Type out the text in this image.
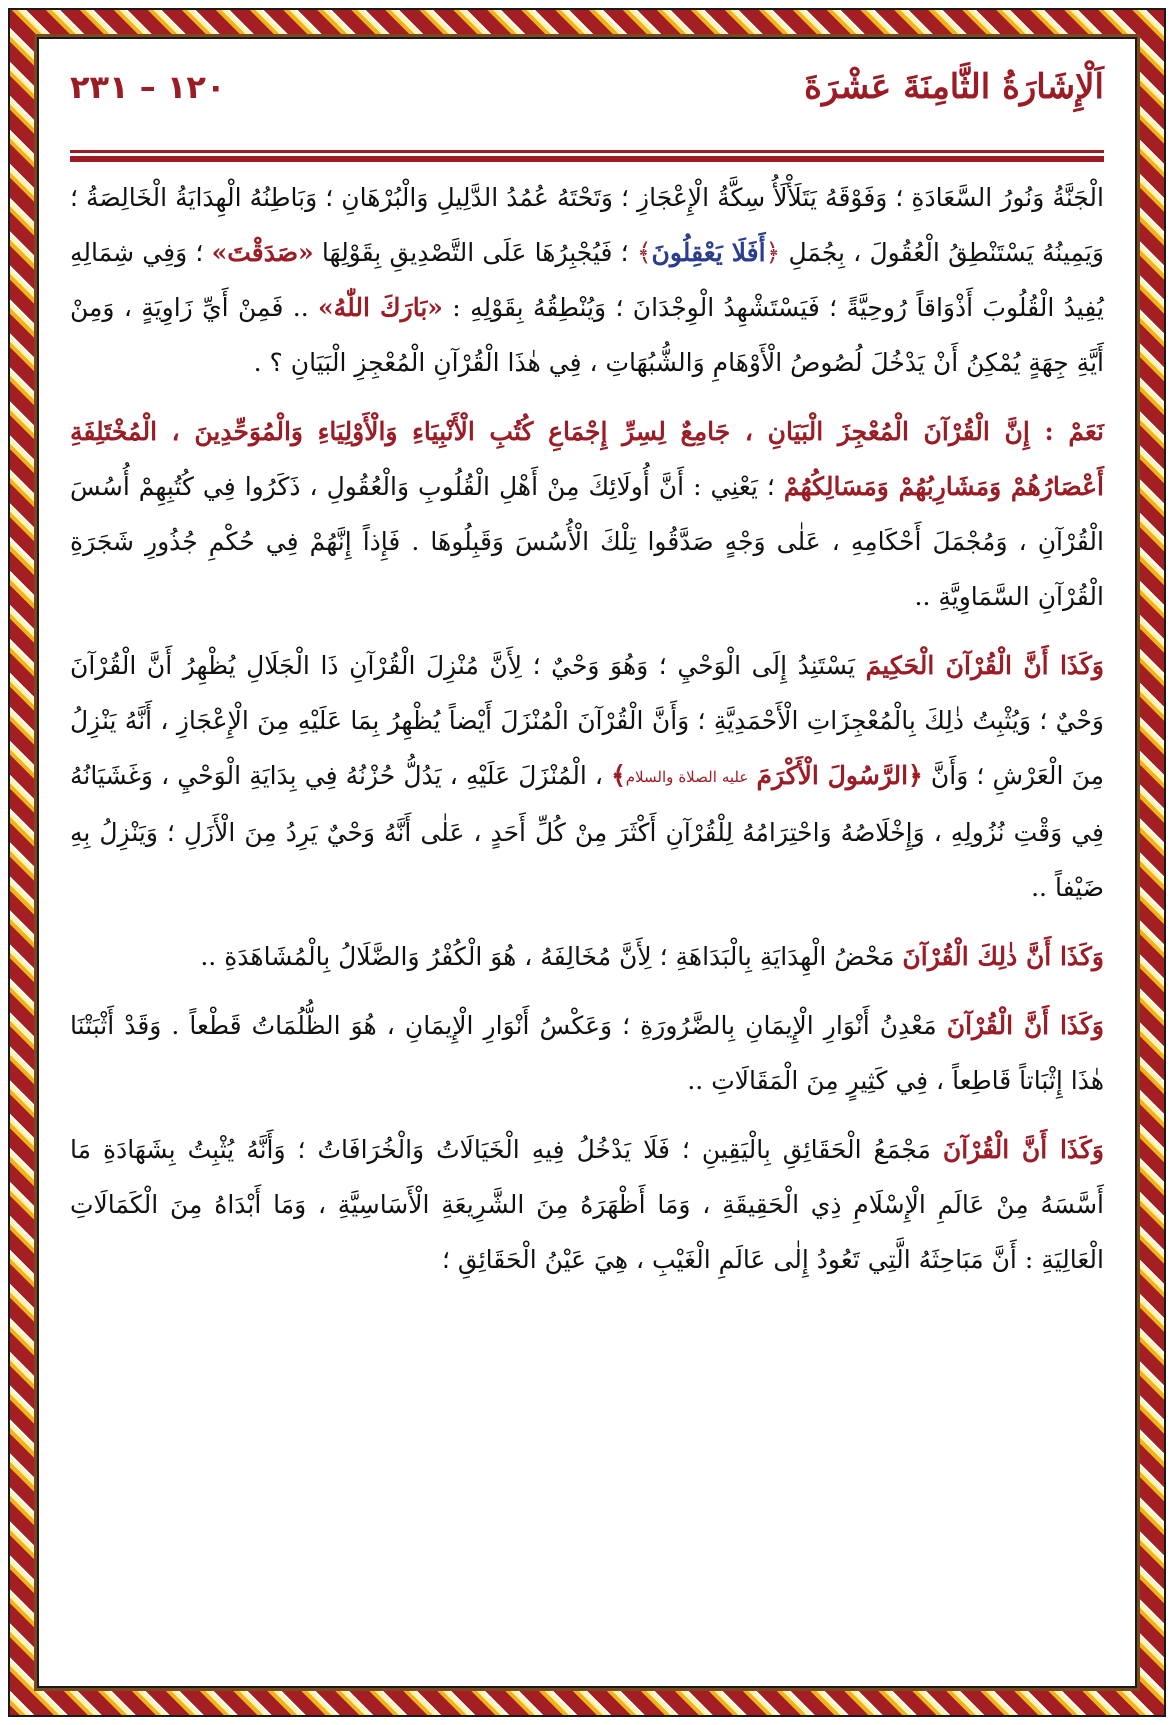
اَلْإِشَارَةُ الثَّامِنَةَ عَشْرَةَ
١٢٠ – ٢٣١

الْجَنَّةُ وَنُورُ السَّعَادَةِ ؛ وَفَوْقَهُ يَتَلَأْلَأُ سِكَّةُ الْإِعْجَازِ ؛ وَتَحْتَهُ عُمُدُ الدَّلِيلِ وَالْبُرْهَانِ ؛ وَبَاطِنُهُ الْهِدَايَةُ الْخَالِصَةُ ؛ وَيَمِينُهُ يَسْتَنْطِقُ الْعُقُولَ ، بِجُمَلِ ﴿أَفَلَا يَعْقِلُونَ﴾ ؛ فَيُجْبِرُهَا عَلَى التَّصْدِيقِ بِقَوْلِهَا «صَدَقْتَ» ؛ وَفِي شِمَالِهِ يُفِيدُ الْقُلُوبَ أَذْوَاقاً رُوحِيَّةً ؛ فَيَسْتَشْهِدُ الْوِجْدَانَ ؛ وَيُنْطِقُهُ بِقَوْلِهِ : «بَارَكَ اللّٰهُ» .. فَمِنْ أَيِّ زَاوِيَةٍ ، وَمِنْ أَيَّةِ جِهَةٍ يُمْكِنُ أَنْ يَدْخُلَ لُصُوصُ الْأَوْهَامِ وَالشُّبُهَاتِ ، فِي هٰذَا الْقُرْآنِ الْمُعْجِزِ الْبَيَانِ ؟ .

نَعَمْ : إِنَّ الْقُرْآنَ الْمُعْجِزَ الْبَيَانِ ، جَامِعٌ لِسِرِّ إِجْمَاعِ كُتُبِ الْأَنْبِيَاءِ وَالْأَوْلِيَاءِ وَالْمُوَحِّدِينَ ، الْمُخْتَلِفَةِ أَعْصَارُهُمْ وَمَشَارِبُهُمْ وَمَسَالِكُهُمْ ؛ يَعْنِي : أَنَّ أُولَائِكَ مِنْ أَهْلِ الْقُلُوبِ وَالْعُقُولِ ، ذَكَرُوا فِي كُتُبِهِمْ أُسُسَ الْقُرْآنِ ، وَمُجْمَلَ أَحْكَامِهِ ، عَلٰى وَجْهٍ صَدَّقُوا تِلْكَ الْأُسُسَ وَقَبِلُوهَا . فَإِذاً إِنَّهُمْ فِي حُكْمِ جُذُورِ شَجَرَةِ الْقُرْآنِ السَّمَاوِيَّةِ ..

وَكَذَا أَنَّ الْقُرْآنَ الْحَكِيمَ يَسْتَنِدُ إِلَى الْوَحْيِ ؛ وَهُوَ وَحْيٌ ؛ لِأَنَّ مُنْزِلَ الْقُرْآنِ ذَا الْجَلَالِ يُظْهِرُ أَنَّ الْقُرْآنَ وَحْيٌ ؛ وَيُثْبِتُ ذٰلِكَ بِالْمُعْجِزَاتِ الْأَحْمَدِيَّةِ ؛ وَأَنَّ الْقُرْآنَ الْمُنْزَلَ أَيْضاً يُظْهِرُ بِمَا عَلَيْهِ مِنَ الْإِعْجَازِ ، أَنَّهُ يَنْزِلُ مِنَ الْعَرْشِ ؛ وَأَنَّ ﴿الرَّسُولَ الْأَكْرَمَ عليه الصلاة والسلام﴾ ، الْمُنْزَلَ عَلَيْهِ ، يَدُلُّ حُزْنُهُ فِي بِدَايَةِ الْوَحْيِ ، وَغَشَيَانُهُ فِي وَقْتِ نُزُولِهِ ، وَإِخْلَاصُهُ وَاحْتِرَامُهُ لِلْقُرْآنِ أَكْثَرَ مِنْ كُلِّ أَحَدٍ ، عَلٰى أَنَّهُ وَحْيٌ يَرِدُ مِنَ الْأَزَلِ ؛ وَيَنْزِلُ بِهِ ضَيْفاً ..

وَكَذَا أَنَّ ذٰلِكَ الْقُرْآنَ مَحْضُ الْهِدَايَةِ بِالْبَدَاهَةِ ؛ لِأَنَّ مُخَالِفَهُ ، هُوَ الْكُفْرُ وَالضَّلَالُ بِالْمُشَاهَدَةِ ..

وَكَذَا أَنَّ الْقُرْآنَ مَعْدِنُ أَنْوَارِ الْإِيمَانِ بِالضَّرُورَةِ ؛ وَعَكْسُ أَنْوَارِ الْإِيمَانِ ، هُوَ الظُّلُمَاتُ قَطْعاً . وَقَدْ أَثْبَتْنَا هٰذَا إِثْبَاتاً قَاطِعاً ، فِي كَثِيرٍ مِنَ الْمَقَالَاتِ ..

وَكَذَا أَنَّ الْقُرْآنَ مَجْمَعُ الْحَقَائِقِ بِالْيَقِينِ ؛ فَلَا يَدْخُلُ فِيهِ الْخَيَالَاتُ وَالْخُرَافَاتُ ؛ وَأَنَّهُ يُثْبِتُ بِشَهَادَةِ مَا أَسَّسَهُ مِنْ عَالَمِ الْإِسْلَامِ ذِي الْحَقِيقَةِ ، وَمَا أَظْهَرَهُ مِنَ الشَّرِيعَةِ الْأَسَاسِيَّةِ ، وَمَا أَبْدَاهُ مِنَ الْكَمَالَاتِ الْعَالِيَةِ : أَنَّ مَبَاحِثَهُ الَّتِي تَعُودُ إِلٰى عَالَمِ الْغَيْبِ ، هِيَ عَيْنُ الْحَقَائِقِ ؛
